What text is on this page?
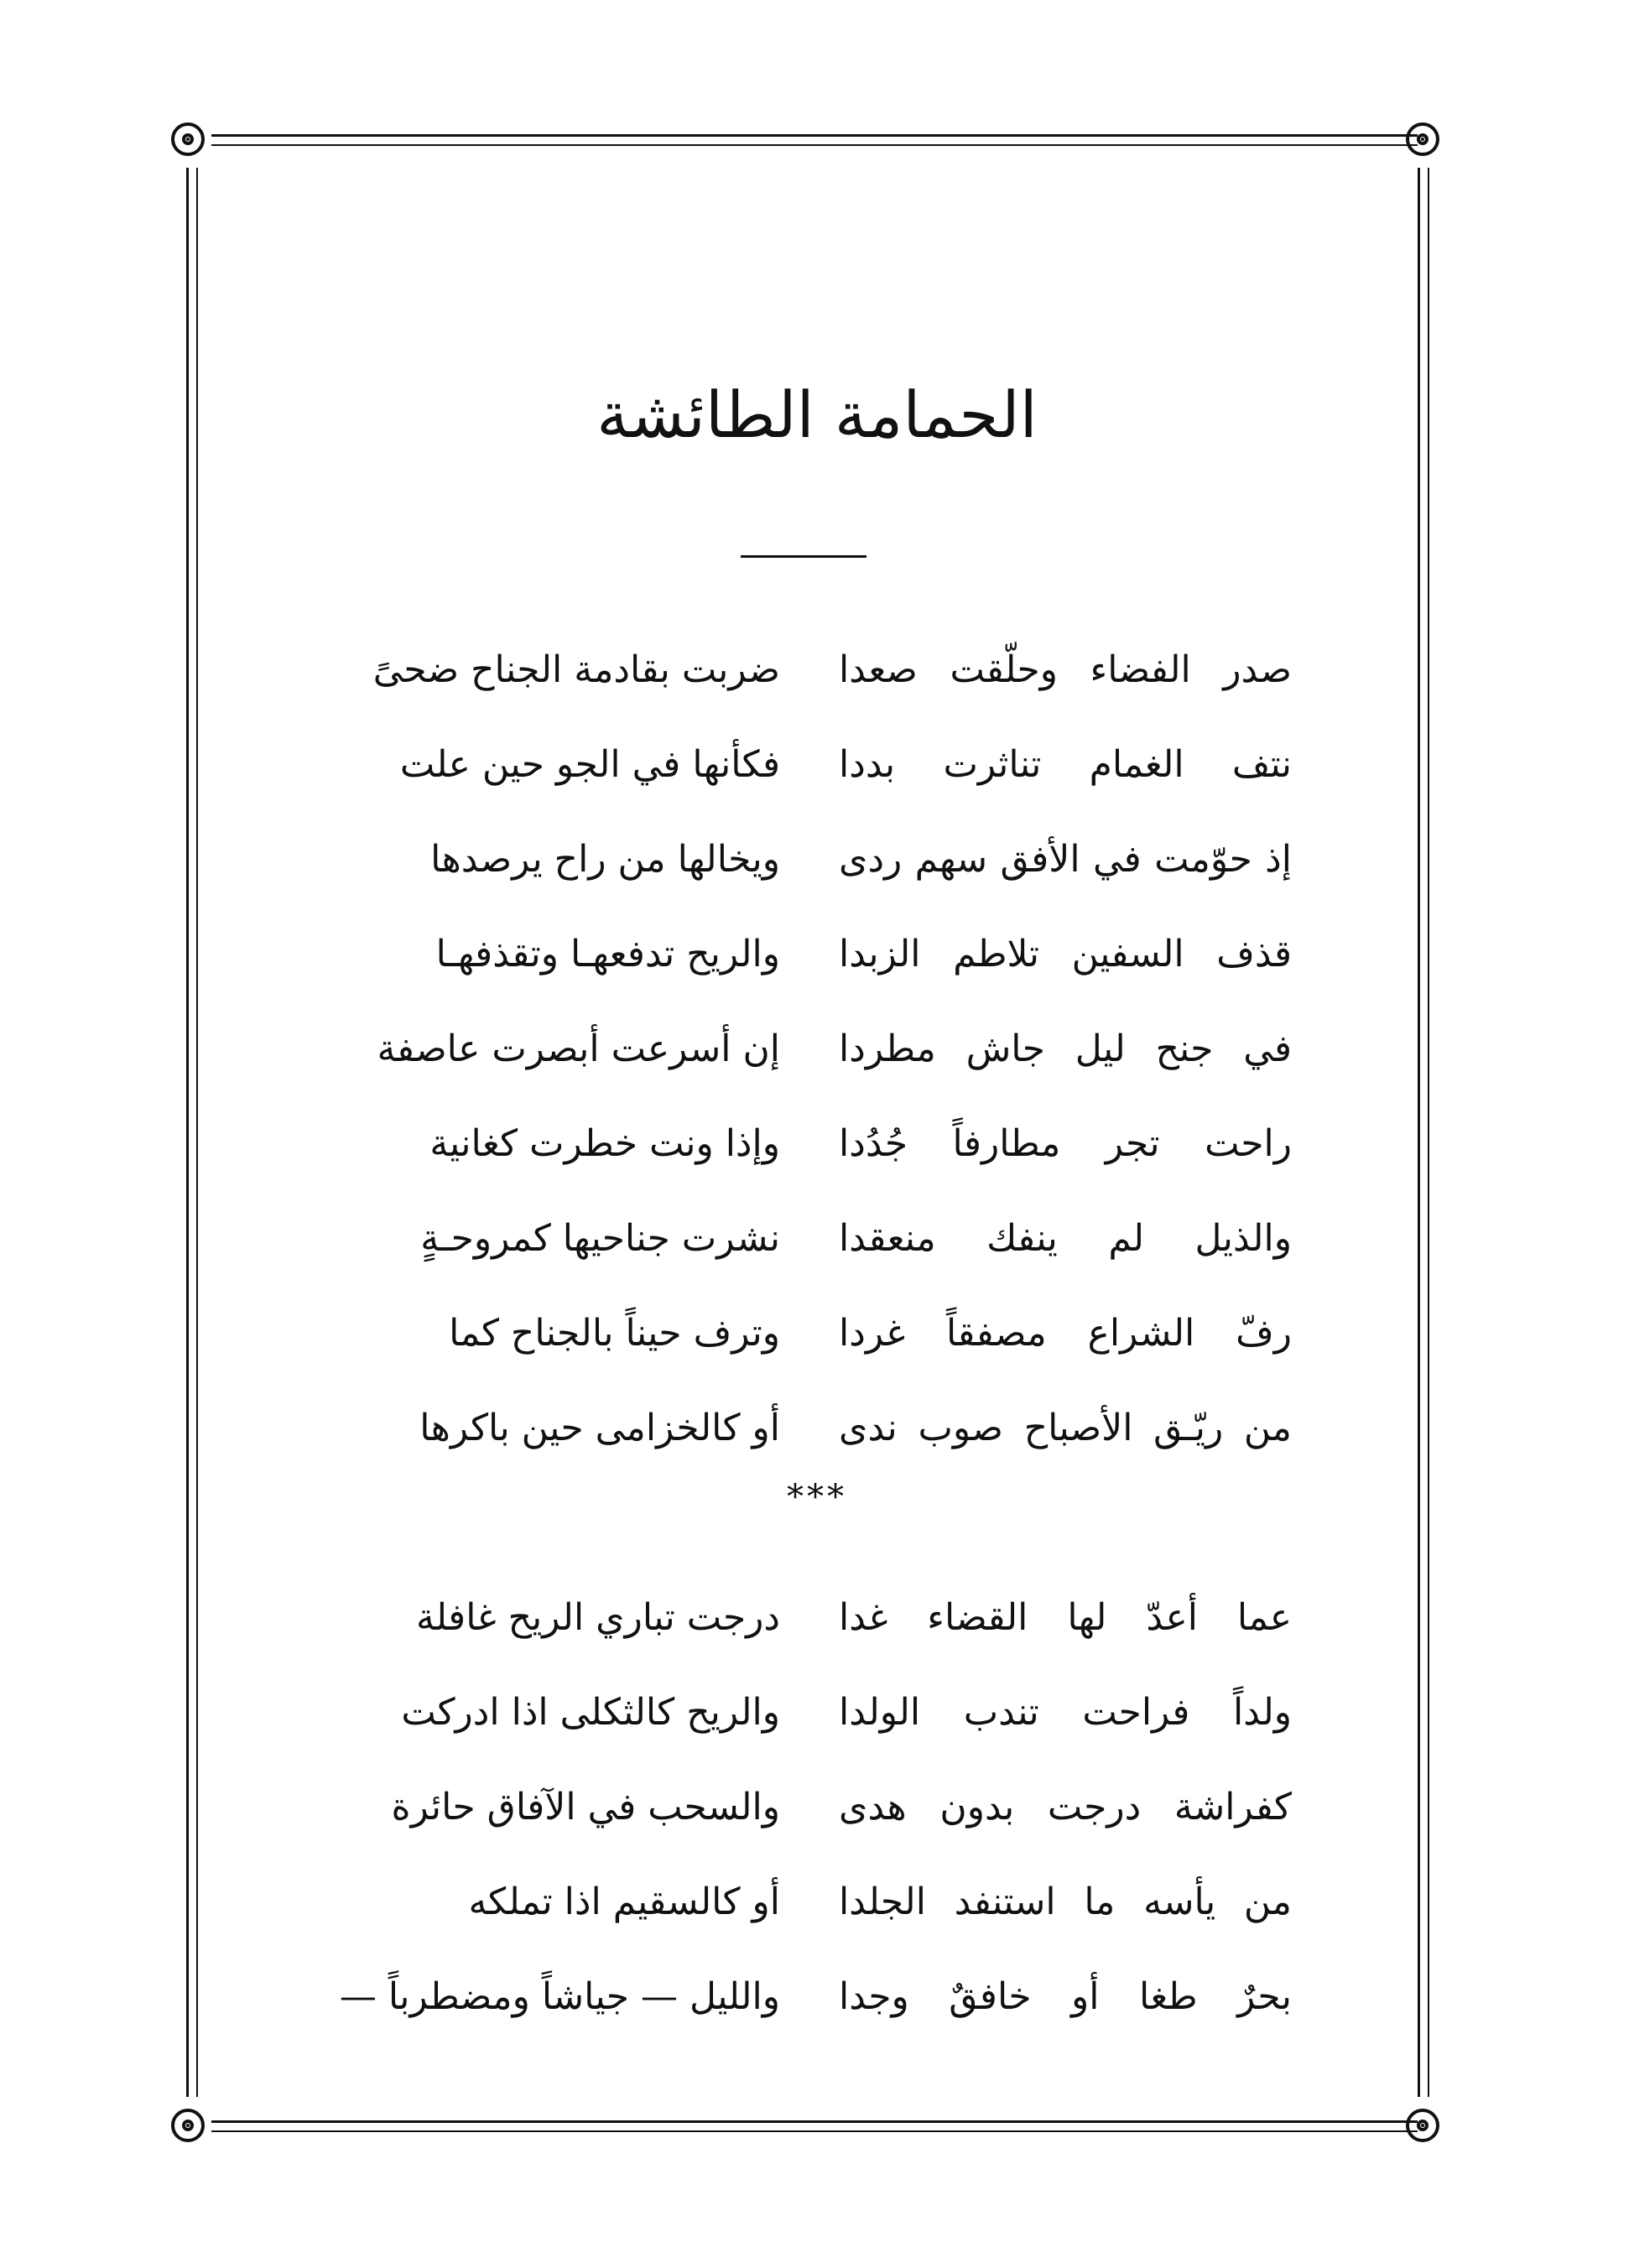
الحمامة الطائشة
ضربت بقادمة الجناح ضحىً صدر الفضاء وحلّقت صعدا
فكأنها في الجو حين علت نتف الغمام تناثرت بددا
ويخالها من راح يرصدها إذ حوّمت في الأفق سهم ردى
والريح تدفعهـا وتقذفهـا قذف السفين تلاطم الزبدا
إن أسرعت أبصرت عاصفة في جنح ليل جاش مطردا
وإذا ونت خطرت كغانية راحت تجر مطارفاً جُدُدا
نشرت جناحيها كمروحـةٍ والذيل لم ينفك منعقدا
وترف حيناً بالجناح كما رفّ الشراع مصفقاً غردا
أو كالخزامى حين باكرها من ريّـق الأصباح صوب ندى
***
درجت تباري الريح غافلة عما أعدّ لها القضاء غدا
والريح كالثكلى اذا ادركت ولداً فراحت تندب الولدا
والسحب في الآفاق حائرة كفراشة درجت بدون هدى
أو كالسقيم اذا تملكه من يأسه ما استنفد الجلدا
والليل — جياشاً ومضطرباً — بحرٌ طغا أو خافقٌ وجدا
